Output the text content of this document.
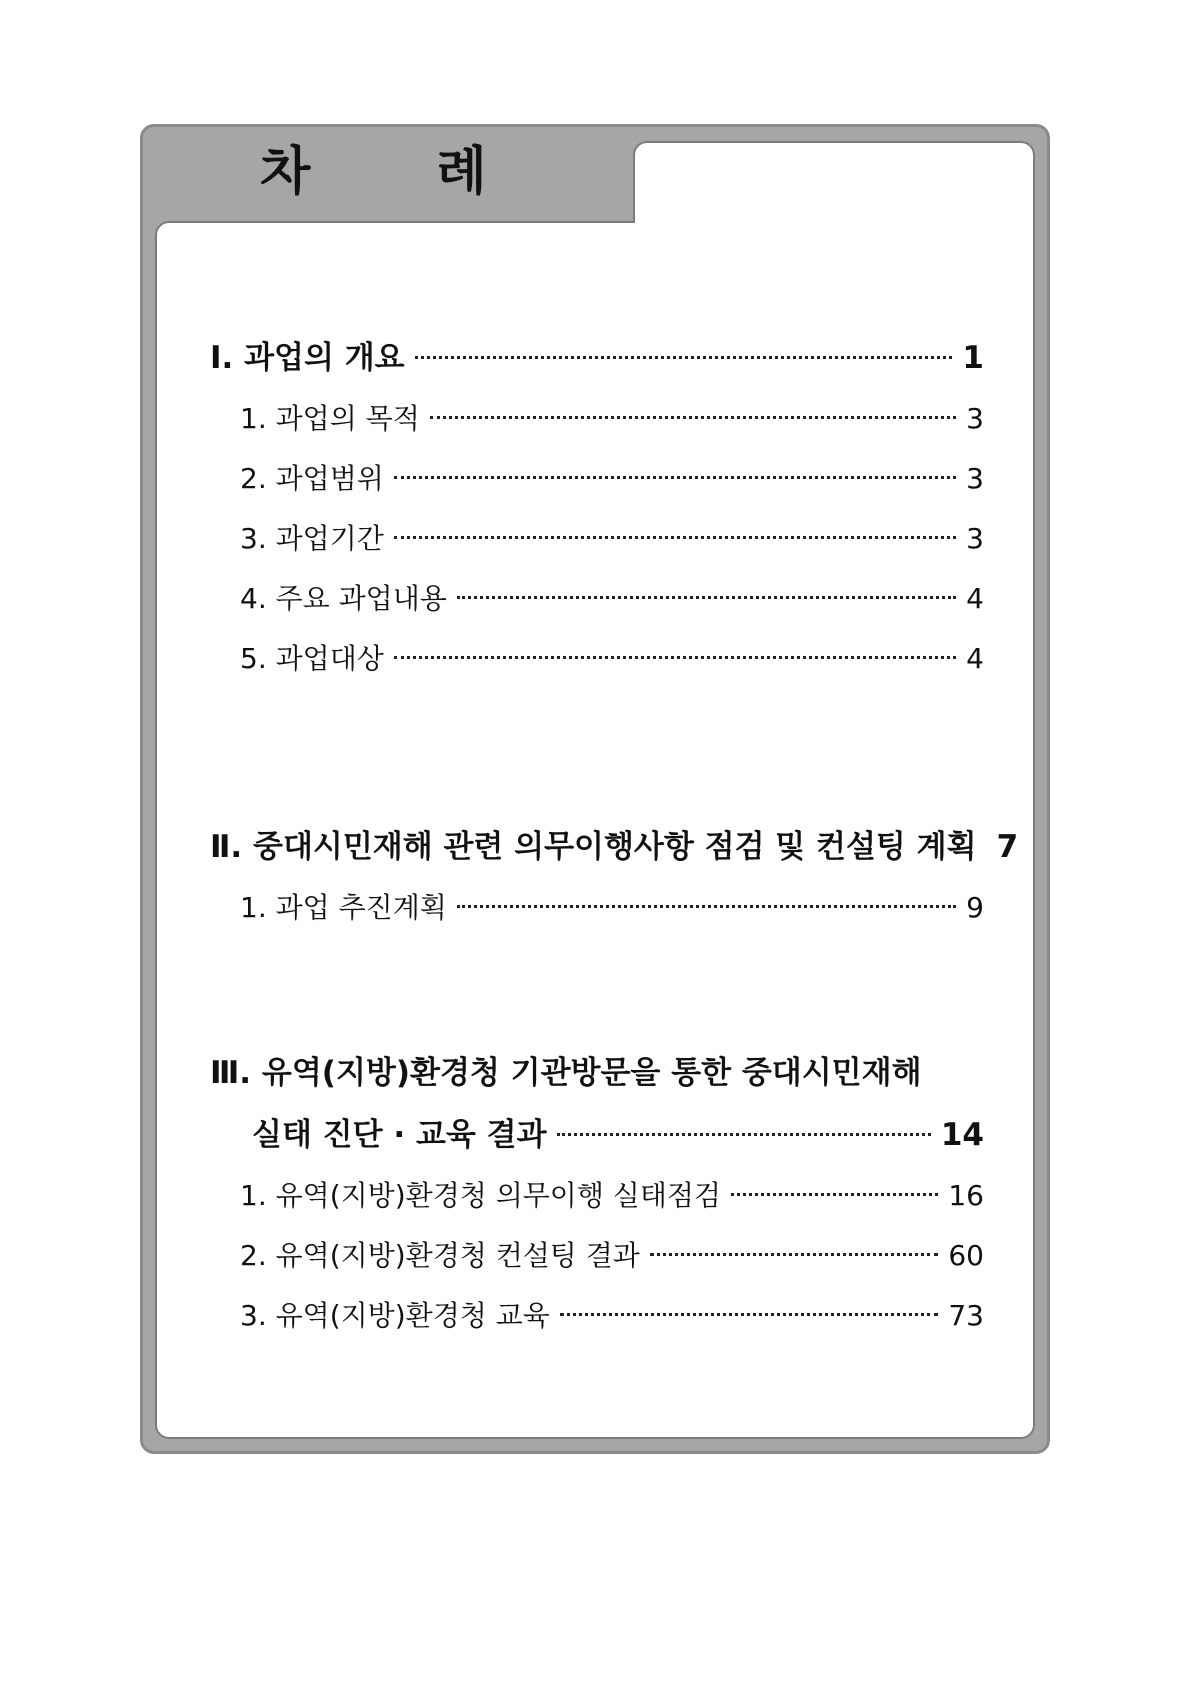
차 례
Ⅰ. 과업의 개요	1
1. 과업의 목적	3
2. 과업범위	3
3. 과업기간	3
4. 주요 과업내용	4
5. 과업대상	4
Ⅱ. 중대시민재해 관련 의무이행사항 점검 및 컨설팅 계획 7
1. 과업 추진계획	9
Ⅲ. 유역(지방)환경청 기관방문을 통한 중대시민재해
실태 진단 · 교육 결과	14
1. 유역(지방)환경청 의무이행 실태점검	16
2. 유역(지방)환경청 컨설팅 결과	60
3. 유역(지방)환경청 교육	73
